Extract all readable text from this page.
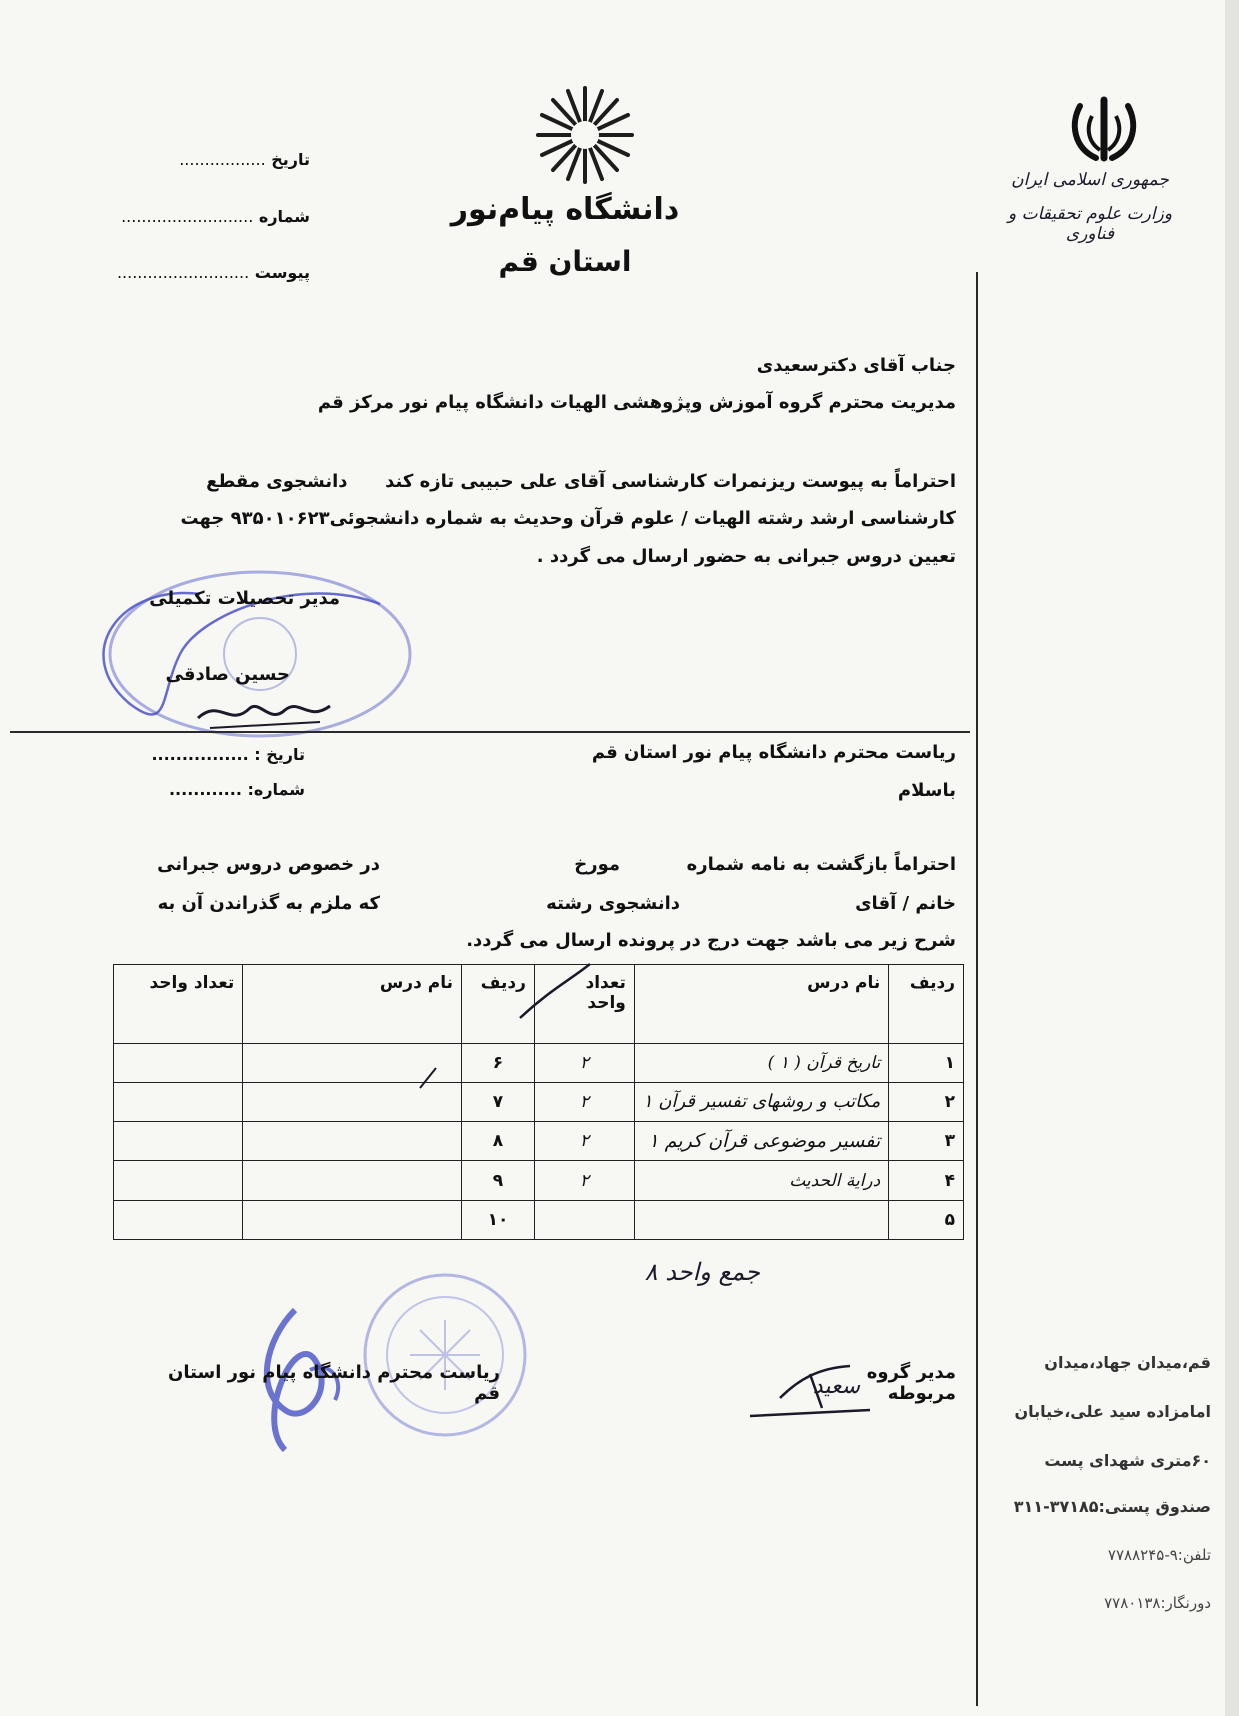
تاریخ .................
شماره ..........................
پیوست ..........................
دانشگاه پیام‌نور
استان قم
جمهوری اسلامی ایران
وزارت علوم تحقیقات و فناوری
جناب آقای دکترسعیدی
مدیریت محترم گروه آموزش وپژوهشی الهیات دانشگاه پیام نور مرکز قم
احتراماً به پیوست ریزنمرات کارشناسی آقای علی حبیبی تازه کند      دانشجوی مقطع
کارشناسی ارشد رشته الهیات / علوم قرآن وحدیث به شماره دانشجوئی۹۳۵۰۱۰۶۲۳ جهت
تعیین دروس جبرانی به حضور ارسال می گردد .
مدیر تحصیلات تکمیلی
حسین صادقی
ریاست محترم دانشگاه پیام نور استان قم
باسلام
تاریخ : ................
شماره: ............
احتراماً بازگشت به نامه شماره
مورخ
در خصوص دروس جبرانی
خانم / آقای
دانشجوی رشته
که ملزم به گذراندن آن به
شرح زیر می باشد جهت درج در پرونده ارسال می گردد.
ردیف	نام درس	تعداد واحد	ردیف	نام درس	تعداد واحد
۱	تاریخ قرآن ( ۱ )	۲	۶		
۲	مکاتب و روشهای تفسیر قرآن ۱	۲	۷		
۳	تفسیر موضوعی قرآن کریم ۱	۲	۸		
۴	درایة الحدیث	۲	۹		
۵			۱۰		
جمع واحد ۸
مدیر گروه مربوطه
سعید
ریاست محترم دانشگاه پیام نور استان قم
قم،میدان جهاد،میدان
امامزاده سید علی،خیابان
۶۰متری شهدای پست
صندوق پستی:۳۷۱۸۵-۳۱۱
تلفن:۹-۷۷۸۸۲۴۵
دورنگار:۷۷۸۰۱۳۸
